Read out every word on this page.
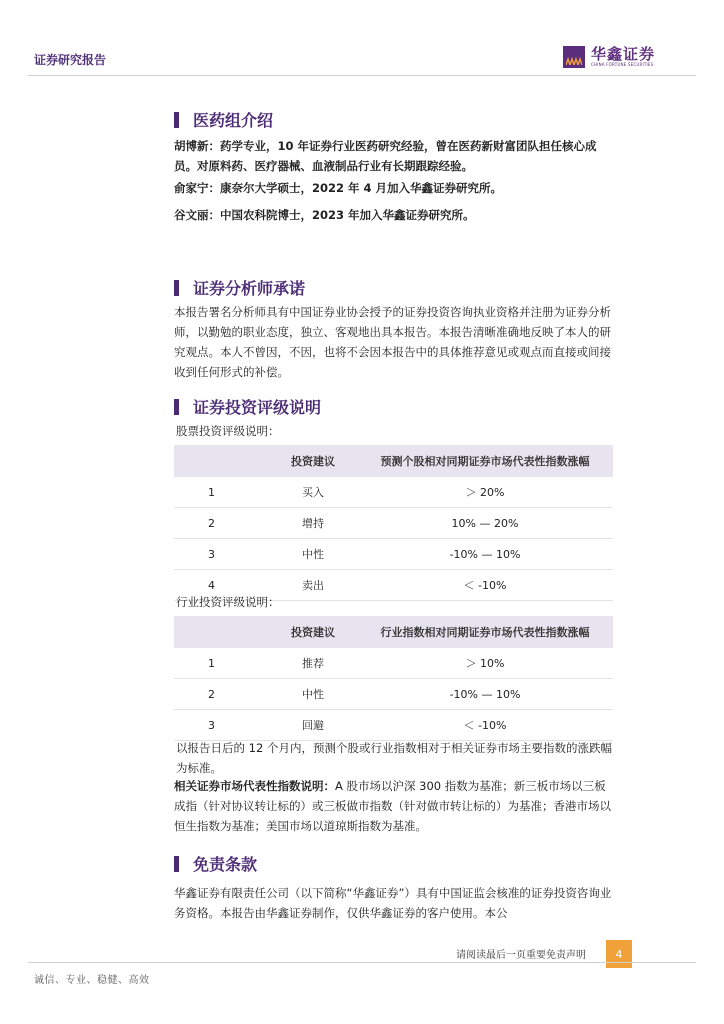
证券研究报告	华鑫证券
CHINA FORTUNE SECURITIES
医药组介绍

胡博新：药学专业，10 年证券行业医药研究经验，曾在医药新财富团队担任核心成员。对原料药、医疗器械、血液制品行业有长期跟踪经验。

俞家宁：康奈尔大学硕士，2022 年 4 月加入华鑫证券研究所。

谷文丽：中国农科院博士，2023 年加入华鑫证券研究所。

证券分析师承诺

本报告署名分析师具有中国证券业协会授予的证券投资咨询执业资格并注册为证券分析师，以勤勉的职业态度，独立、客观地出具本报告。本报告清晰准确地反映了本人的研究观点。本人不曾因，不因，也将不会因本报告中的具体推荐意见或观点而直接或间接收到任何形式的补偿。

证券投资评级说明
股票投资评级说明：
	投资建议	预测个股相对同期证券市场代表性指数涨幅
1	买入	＞ 20%
2	增持	10% — 20%
3	中性	-10% — 10%
4	卖出	＜ -10%
行业投资评级说明：
	投资建议	行业指数相对同期证券市场代表性指数涨幅
1	推荐	＞ 10%
2	中性	-10% — 10%
3	回避	＜ -10%

以报告日后的 12 个月内，预测个股或行业指数相对于相关证券市场主要指数的涨跌幅为标准。

相关证券市场代表性指数说明：A 股市场以沪深 300 指数为基准；新三板市场以三板成指（针对协议转让标的）或三板做市指数（针对做市转让标的）为基准；香港市场以恒生指数为基准；美国市场以道琼斯指数为基准。

免责条款

华鑫证券有限责任公司（以下简称“华鑫证券”）具有中国证监会核准的证券投资咨询业务资格。本报告由华鑫证券制作，仅供华鑫证券的客户使用。本公

请阅读最后一页重要免责声明	4
诚信、专业、稳健、高效
